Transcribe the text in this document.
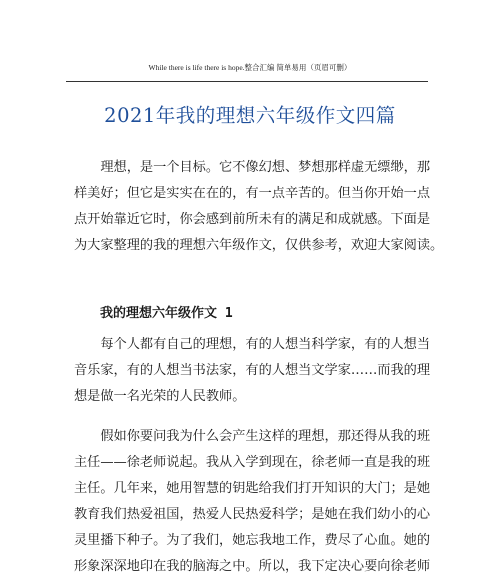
While there is life there is hope.整合汇编 简单易用（页眉可删）
2021年我的理想六年级作文四篇
　　理想，是一个目标。它不像幻想、梦想那样虚无缥缈，那
样美好；但它是实实在在的，有一点辛苦的。但当你开始一点
点开始靠近它时，你会感到前所未有的满足和成就感。下面是
为大家整理的我的理想六年级作文，仅供参考，欢迎大家阅读。
我的理想六年级作文 1
　　每个人都有自己的理想，有的人想当科学家，有的人想当
音乐家，有的人想当书法家，有的人想当文学家……而我的理
想是做一名光荣的人民教师。
　　假如你要问我为什么会产生这样的理想，那还得从我的班
主任——徐老师说起。我从入学到现在，徐老师一直是我的班
主任。几年来，她用智慧的钥匙给我们打开知识的大门；是她
教育我们热爱祖国，热爱人民热爱科学；是她在我们幼小的心
灵里播下种子。为了我们，她忘我地工作，费尽了心血。她的
形象深深地印在我的脑海之中。所以，我下定决心要向徐老师
